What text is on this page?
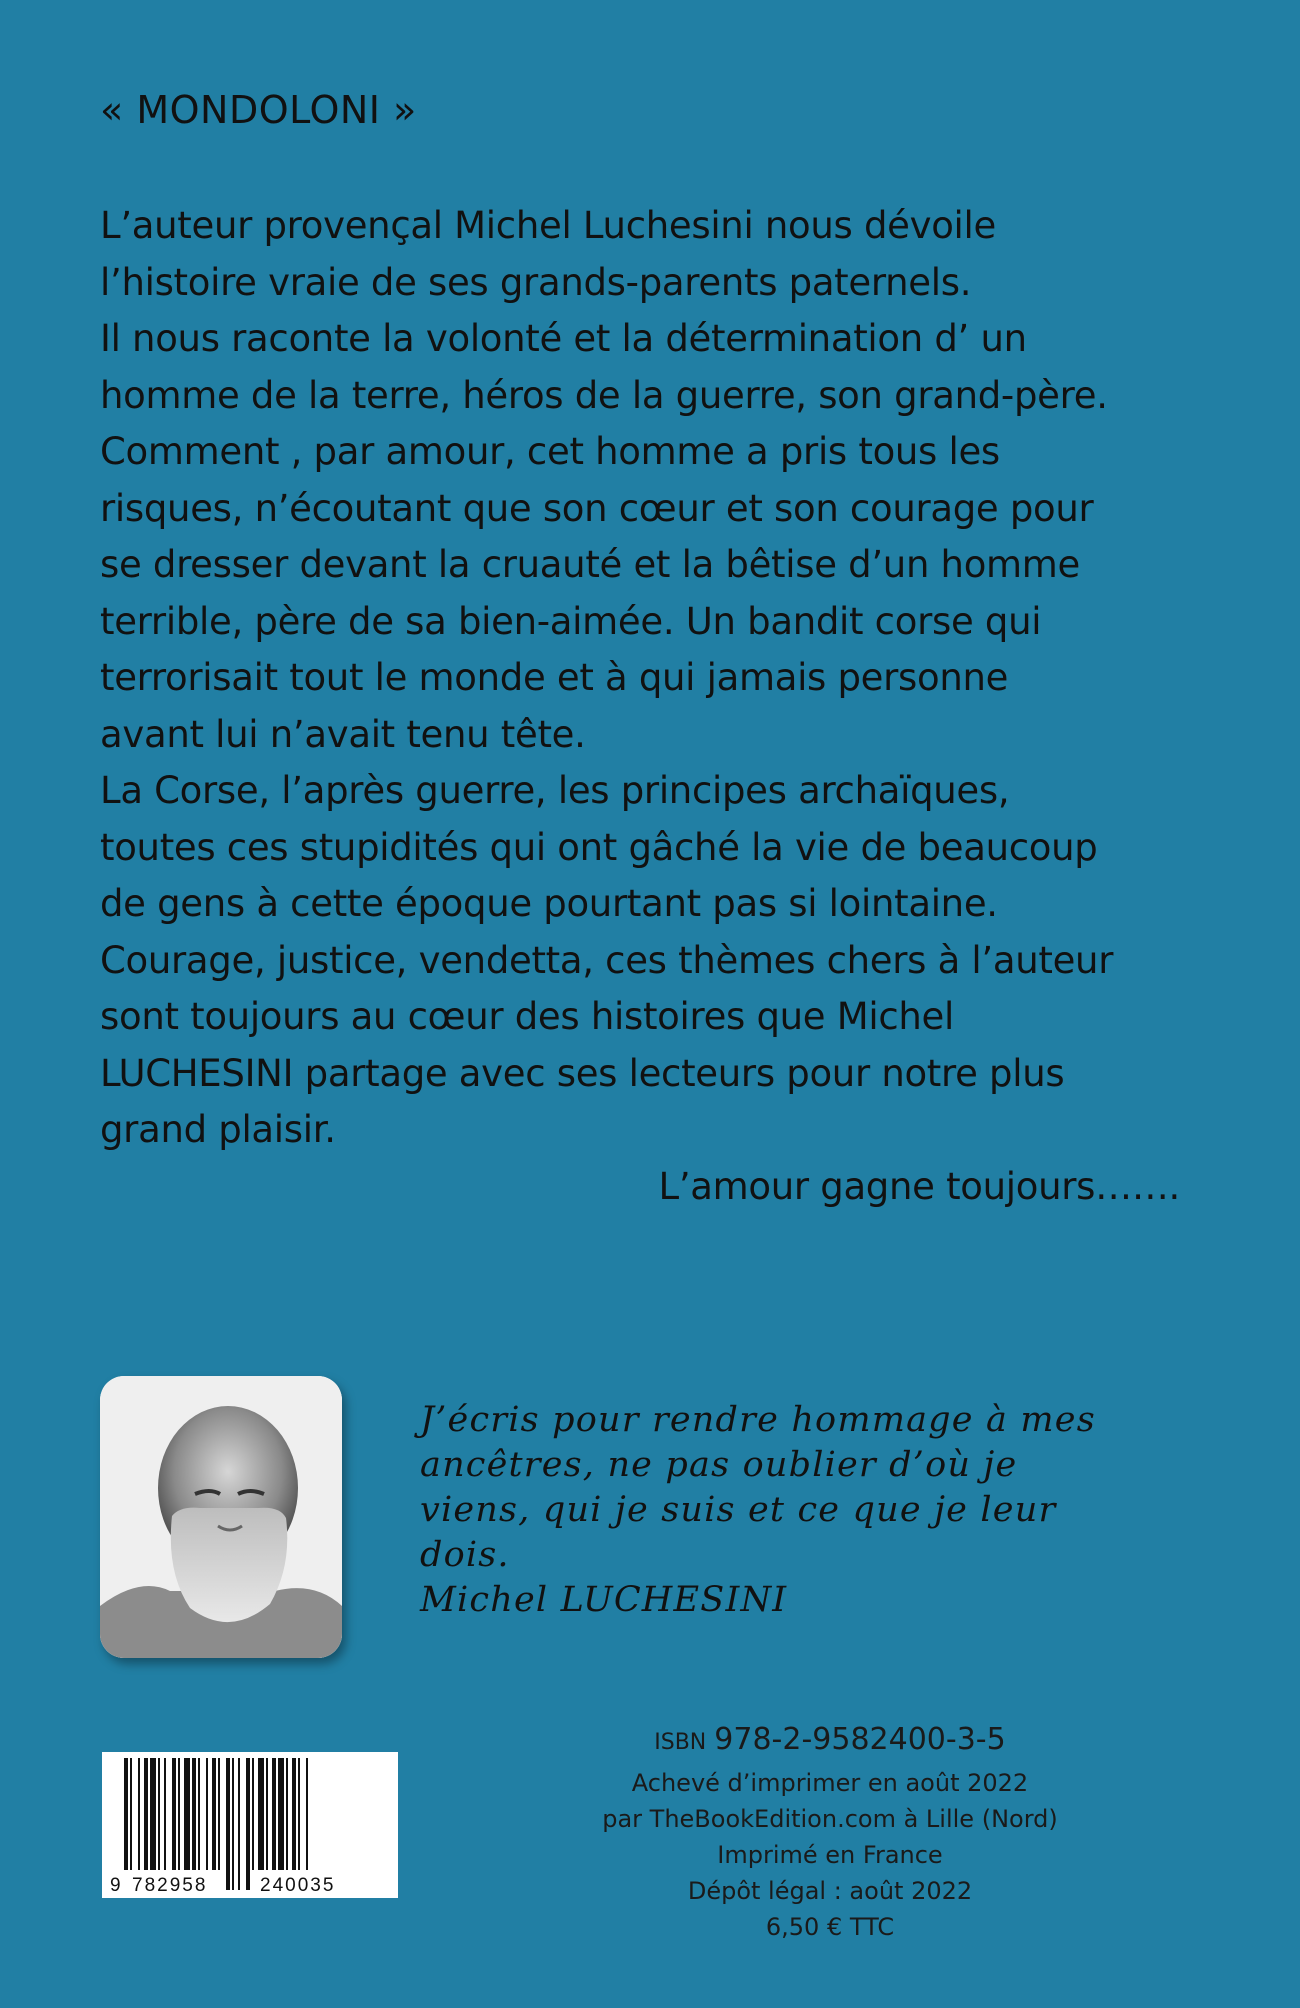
« MONDOLONI »
L’auteur provençal Michel Luchesini nous dévoile
l’histoire vraie de ses grands-parents paternels.
Il nous raconte la volonté et la détermination d’ un
homme de la terre, héros de la guerre, son grand-père.
Comment , par amour, cet homme a pris tous les
risques, n’écoutant que son cœur et son courage pour
se dresser devant la cruauté et la bêtise d’un homme
terrible, père de sa bien-aimée. Un bandit corse qui
terrorisait tout le monde et à qui jamais personne
avant lui n’avait tenu tête.
La Corse, l’après guerre, les principes archaïques,
toutes ces stupidités qui ont gâché la vie de beaucoup
de gens à cette époque pourtant pas si lointaine.
Courage, justice, vendetta, ces thèmes chers à l’auteur
sont toujours au cœur des histoires que Michel
LUCHESINI partage avec ses lecteurs pour notre plus
grand plaisir.
L’amour gagne toujours…….
J’écris pour rendre hommage à mes
ancêtres, ne pas oublier d’où je
viens, qui je suis et ce que je leur
dois.
Michel LUCHESINI
9 782958	240035
ISBN 978-2-9582400-3-5
Achevé d’imprimer en août 2022
par TheBookEdition.com à Lille (Nord)
Imprimé en France
Dépôt légal : août 2022
6,50 € TTC
